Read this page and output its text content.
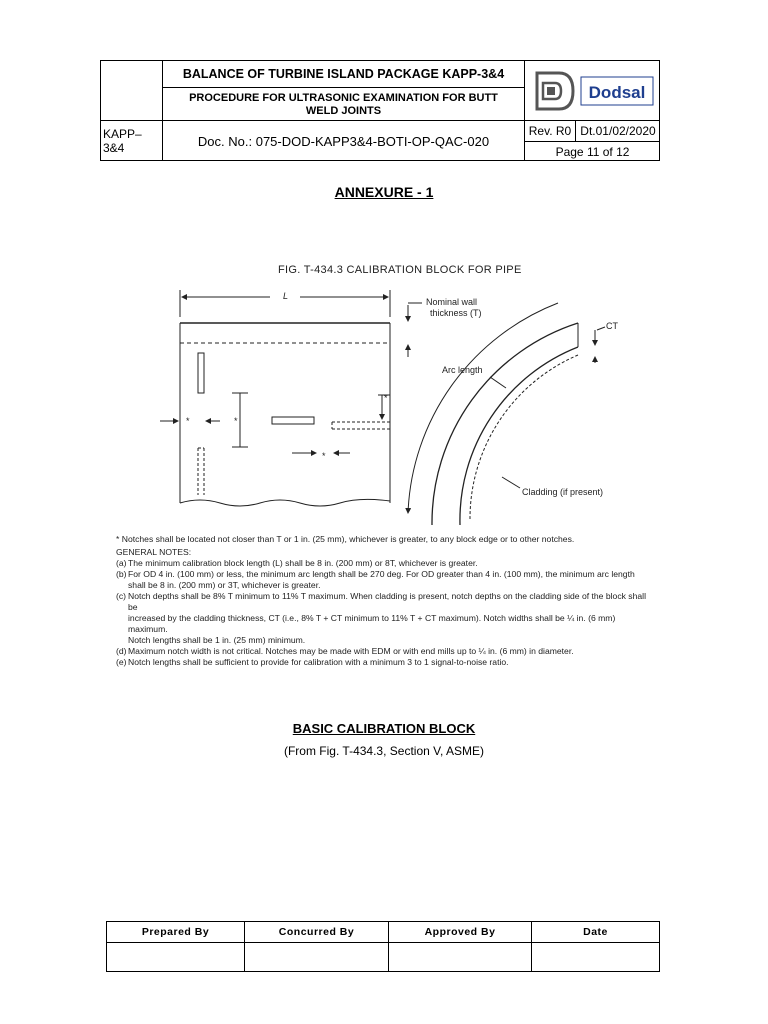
BALANCE OF TURBINE ISLAND PACKAGE KAPP-3&4
PROCEDURE FOR ULTRASONIC EXAMINATION FOR BUTT
WELD JOINTS
KAPP–3&4	Doc. No.: 075-DOD-KAPP3&4-BOTI-OP-QAC-020
Rev. R0 Dt.01/02/2020
Page 11 of 12
Dodsal
ANNEXURE - 1
FIG. T-434.3 CALIBRATION BLOCK FOR PIPE
L
Nominal wall
thickness (T)
CT
Arc length
Cladding (if present)
*	*
*
*
* Notches shall be located not closer than T or 1 in. (25 mm), whichever is greater, to any block edge or to other notches.
GENERAL NOTES:
(a) The minimum calibration block length (L) shall be 8 in. (200 mm) or 8T, whichever is greater.
(b) For OD 4 in. (100 mm) or less, the minimum arc length shall be 270 deg. For OD greater than 4 in. (100 mm), the minimum arc length
shall be 8 in. (200 mm) or 3T, whichever is greater.
(c) Notch depths shall be 8% T minimum to 11% T maximum. When cladding is present, notch depths on the cladding side of the block shall be
increased by the cladding thickness, CT (i.e., 8% T + CT minimum to 11% T + CT maximum). Notch widths shall be ¼ in. (6 mm) maximum.
Notch lengths shall be 1 in. (25 mm) minimum.
(d) Maximum notch width is not critical. Notches may be made with EDM or with end mills up to ¼ in. (6 mm) in diameter.
(e) Notch lengths shall be sufficient to provide for calibration with a minimum 3 to 1 signal-to-noise ratio.
BASIC CALIBRATION BLOCK
(From Fig. T-434.3, Section V, ASME)
Prepared By	Concurred By	Approved By	Date
